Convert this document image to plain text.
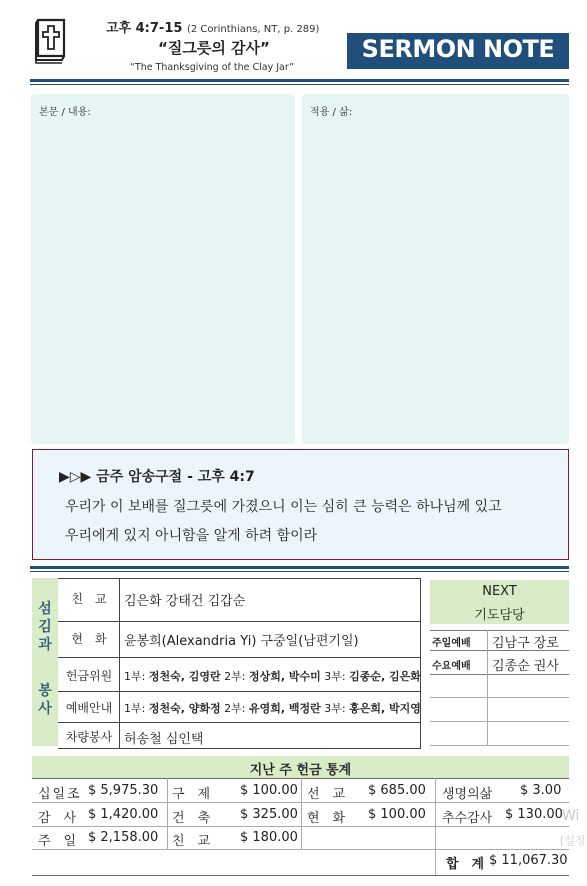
고후 4:7-15 (2 Corinthians, NT, p. 289)
“질그릇의 감사”
“The Thanksgiving of the Clay Jar”
SERMON NOTE
본문 / 내용:	적용 / 삶:
▶▷▶ 금주 암송구절 - 고후 4:7
우리가 이 보배를 질그릇에 가졌으니 이는 심히 큰 능력은 하나님께 있고
우리에게 있지 아니함을 알게 하려 함이라
섬김과
봉사
친　교	김은화 강태건 김갑순
현　화	윤봉희(Alexandria Yi) 구중일(남편기일)
헌금위원	1부: 정천숙, 김영란 2부: 정상희, 박수미 3부: 김종순, 김은화
예배안내	1부: 정천숙, 양화정 2부: 유영희, 백정란 3부: 홍은희, 박지영
차량봉사 허송철 심인택
NEXT
기도담당
주일예배 김남구 장로
수요예배 김종순 권사
지난 주 헌금 통계
십일조 $ 5,975.30 구　제 $ 100.00 선　교 $ 685.00 생명의삶 $ 3.00
감　사 $ 1,420.00 건　축 $ 325.00 현　화 $ 100.00 추수감사 $ 130.00
주　일 $ 2,158.00 친　교 $ 180.00
합　계 $ 11,067.30
Wi
[설정
